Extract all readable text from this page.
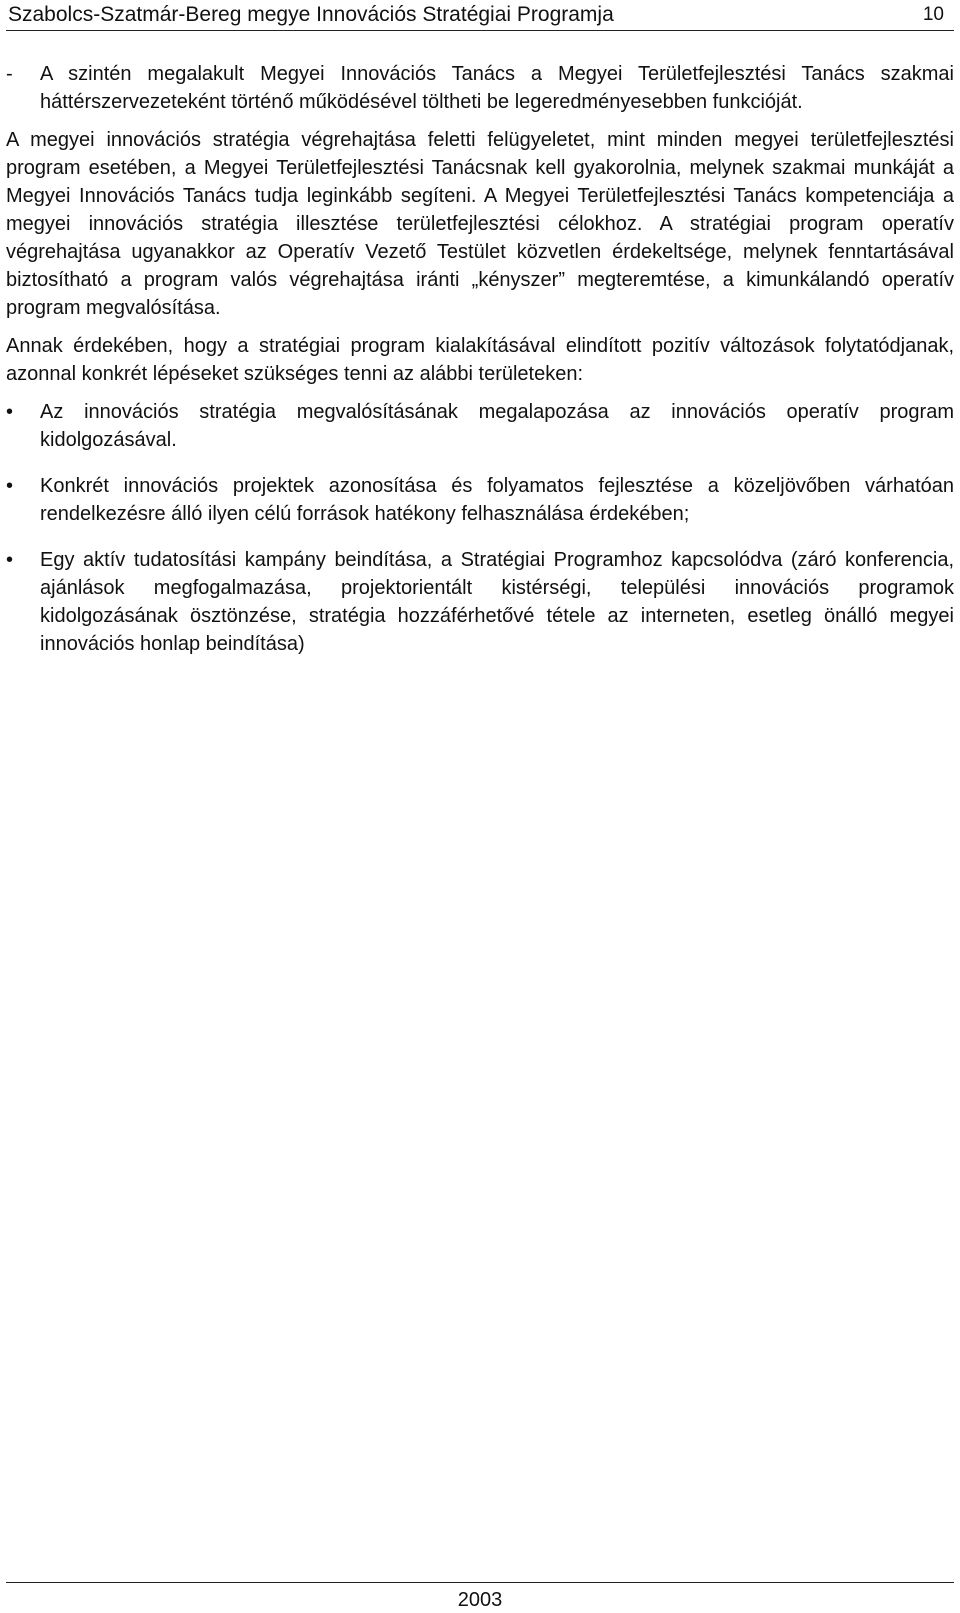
Szabolcs-Szatmár-Bereg megye Innovációs Stratégiai Programja	10
-	A szintén megalakult Megyei Innovációs Tanács a Megyei Területfejlesztési Tanács szakmai háttérszervezeteként történő működésével töltheti be legeredményesebben funkcióját.

A megyei innovációs stratégia végrehajtása feletti felügyeletet, mint minden megyei területfejlesztési program esetében, a Megyei Területfejlesztési Tanácsnak kell gyakorolnia, melynek szakmai munkáját a Megyei Innovációs Tanács tudja leginkább segíteni. A Megyei Területfejlesztési Tanács kompetenciája a megyei innovációs stratégia illesztése területfejlesztési célokhoz. A stratégiai program operatív végrehajtása ugyanakkor az Operatív Vezető Testület közvetlen érdekeltsége, melynek fenntartásával biztosítható a program valós végrehajtása iránti „kényszer” megteremtése, a kimunkálandó operatív program megvalósítása.

Annak érdekében, hogy a stratégiai program kialakításával elindított pozitív változások folytatódjanak, azonnal konkrét lépéseket szükséges tenni az alábbi területeken:

•	Az innovációs stratégia megvalósításának megalapozása az innovációs operatív program kidolgozásával.
•	Konkrét innovációs projektek azonosítása és folyamatos fejlesztése a közeljövőben várhatóan rendelkezésre álló ilyen célú források hatékony felhasználása érdekében;
•	Egy aktív tudatosítási kampány beindítása, a Stratégiai Programhoz kapcsolódva (záró konferencia, ajánlások megfogalmazása, projektorientált kistérségi, települési innovációs programok kidolgozásának ösztönzése, stratégia hozzáférhetővé tétele az interneten, esetleg önálló megyei innovációs honlap beindítása)
2003
